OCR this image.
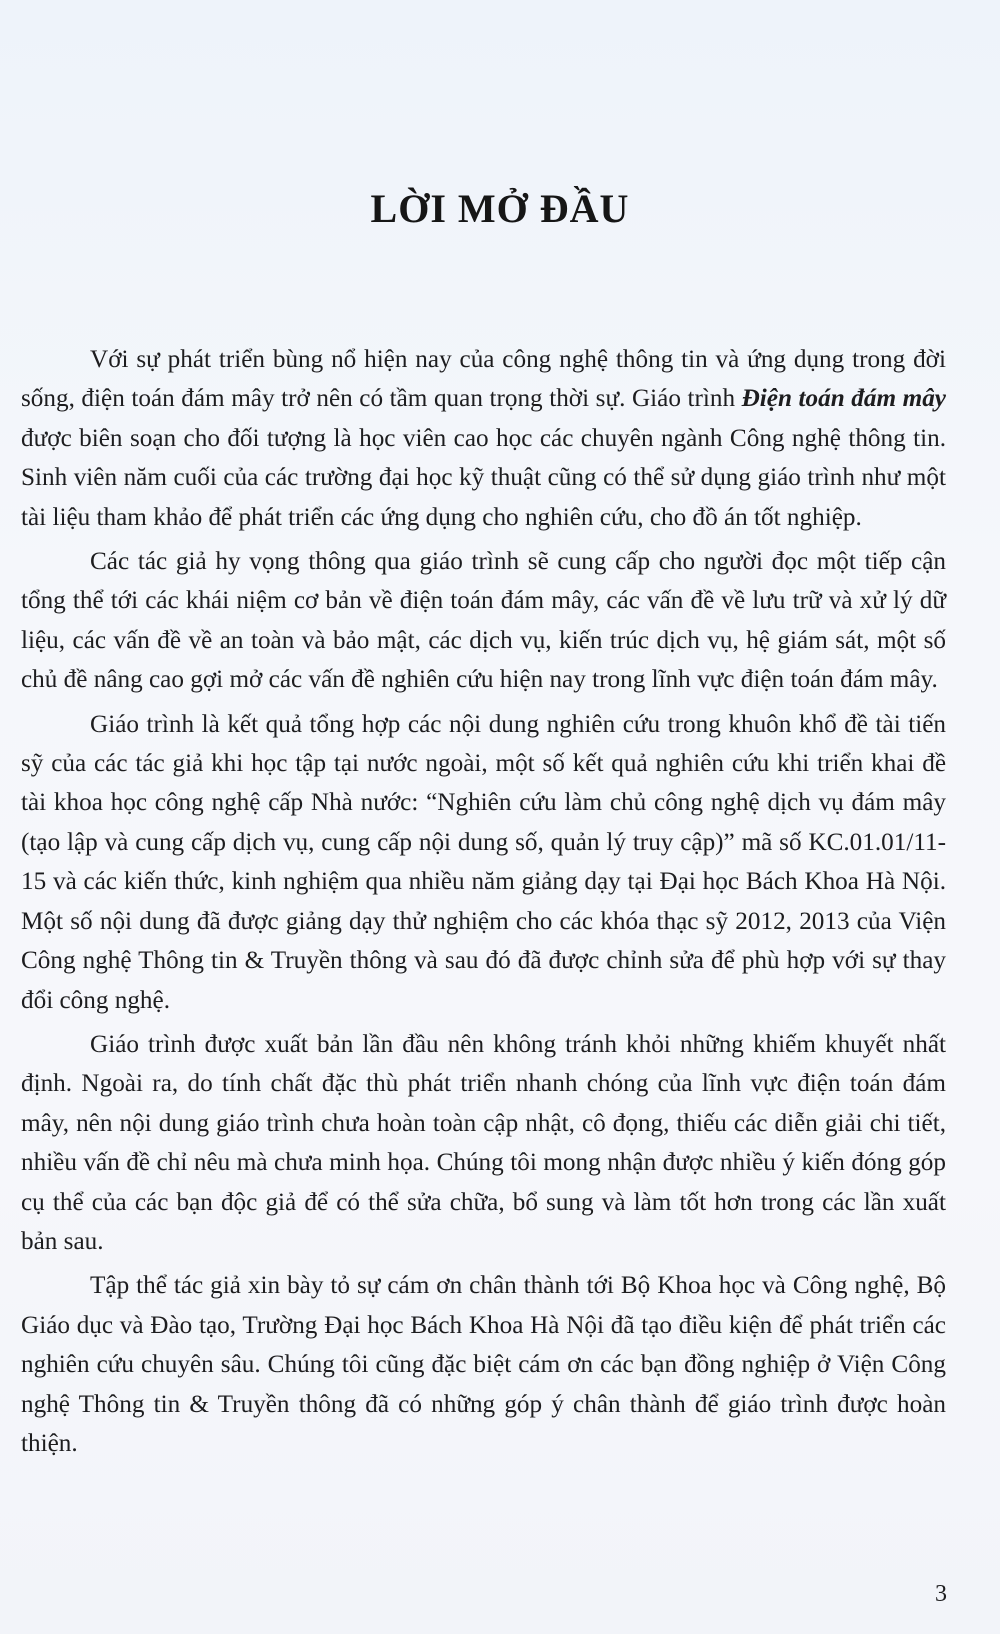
LỜI MỞ ĐẦU

Với sự phát triển bùng nổ hiện nay của công nghệ thông tin và ứng dụng trong đời sống, điện toán đám mây trở nên có tầm quan trọng thời sự. Giáo trình Điện toán đám mây được biên soạn cho đối tượng là học viên cao học các chuyên ngành Công nghệ thông tin. Sinh viên năm cuối của các trường đại học kỹ thuật cũng có thể sử dụng giáo trình như một tài liệu tham khảo để phát triển các ứng dụng cho nghiên cứu, cho đồ án tốt nghiệp.

Các tác giả hy vọng thông qua giáo trình sẽ cung cấp cho người đọc một tiếp cận tổng thể tới các khái niệm cơ bản về điện toán đám mây, các vấn đề về lưu trữ và xử lý dữ liệu, các vấn đề về an toàn và bảo mật, các dịch vụ, kiến trúc dịch vụ, hệ giám sát, một số chủ đề nâng cao gợi mở các vấn đề nghiên cứu hiện nay trong lĩnh vực điện toán đám mây.

Giáo trình là kết quả tổng hợp các nội dung nghiên cứu trong khuôn khổ đề tài tiến sỹ của các tác giả khi học tập tại nước ngoài, một số kết quả nghiên cứu khi triển khai đề tài khoa học công nghệ cấp Nhà nước: “Nghiên cứu làm chủ công nghệ dịch vụ đám mây (tạo lập và cung cấp dịch vụ, cung cấp nội dung số, quản lý truy cập)” mã số KC.01.01/11-15 và các kiến thức, kinh nghiệm qua nhiều năm giảng dạy tại Đại học Bách Khoa Hà Nội. Một số nội dung đã được giảng dạy thử nghiệm cho các khóa thạc sỹ 2012, 2013 của Viện Công nghệ Thông tin & Truyền thông và sau đó đã được chỉnh sửa để phù hợp với sự thay đổi công nghệ.

Giáo trình được xuất bản lần đầu nên không tránh khỏi những khiếm khuyết nhất định. Ngoài ra, do tính chất đặc thù phát triển nhanh chóng của lĩnh vực điện toán đám mây, nên nội dung giáo trình chưa hoàn toàn cập nhật, cô đọng, thiếu các diễn giải chi tiết, nhiều vấn đề chỉ nêu mà chưa minh họa. Chúng tôi mong nhận được nhiều ý kiến đóng góp cụ thể của các bạn độc giả để có thể sửa chữa, bổ sung và làm tốt hơn trong các lần xuất bản sau.

Tập thể tác giả xin bày tỏ sự cám ơn chân thành tới Bộ Khoa học và Công nghệ, Bộ Giáo dục và Đào tạo, Trường Đại học Bách Khoa Hà Nội đã tạo điều kiện để phát triển các nghiên cứu chuyên sâu. Chúng tôi cũng đặc biệt cám ơn các bạn đồng nghiệp ở Viện Công nghệ Thông tin & Truyền thông đã có những góp ý chân thành để giáo trình được hoàn thiện.

3
